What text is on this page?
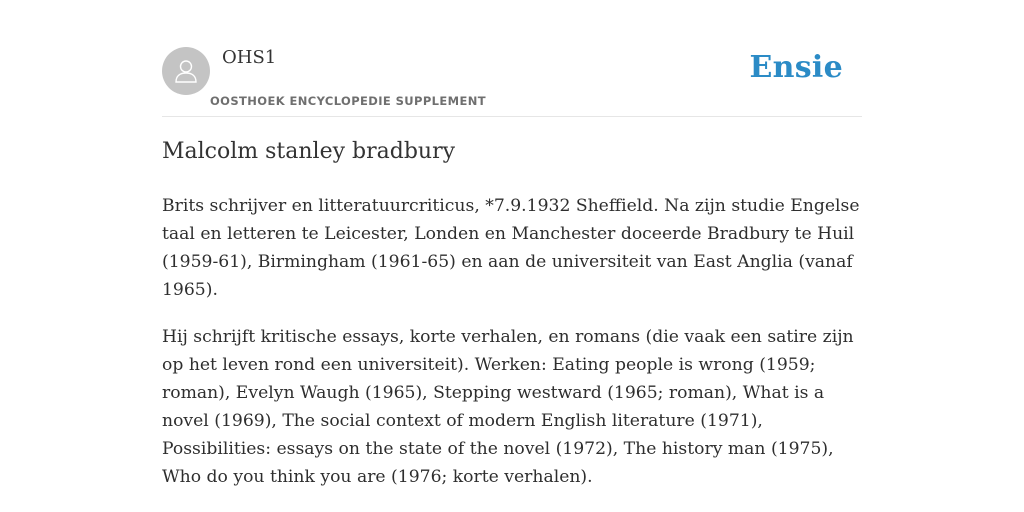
OHS1
OOSTHOEK ENCYCLOPEDIE SUPPLEMENT
Ensie
Malcolm stanley bradbury

Brits schrijver en litteratuurcriticus, *7.9.1932 Sheffield. Na zijn studie Engelse taal en letteren te Leicester, Londen en Manchester doceerde Bradbury te Huil (1959-61), Birmingham (1961-65) en aan de universiteit van East Anglia (vanaf 1965).

Hij schrijft kritische essays, korte verhalen, en romans (die vaak een satire zijn op het leven rond een universiteit). Werken: Eating people is wrong (1959; roman), Evelyn Waugh (1965), Stepping westward (1965; roman), What is a novel (1969), The social context of modern English literature (1971), Possibilities: essays on the state of the novel (1972), The history man (1975), Who do you think you are (1976; korte verhalen).
